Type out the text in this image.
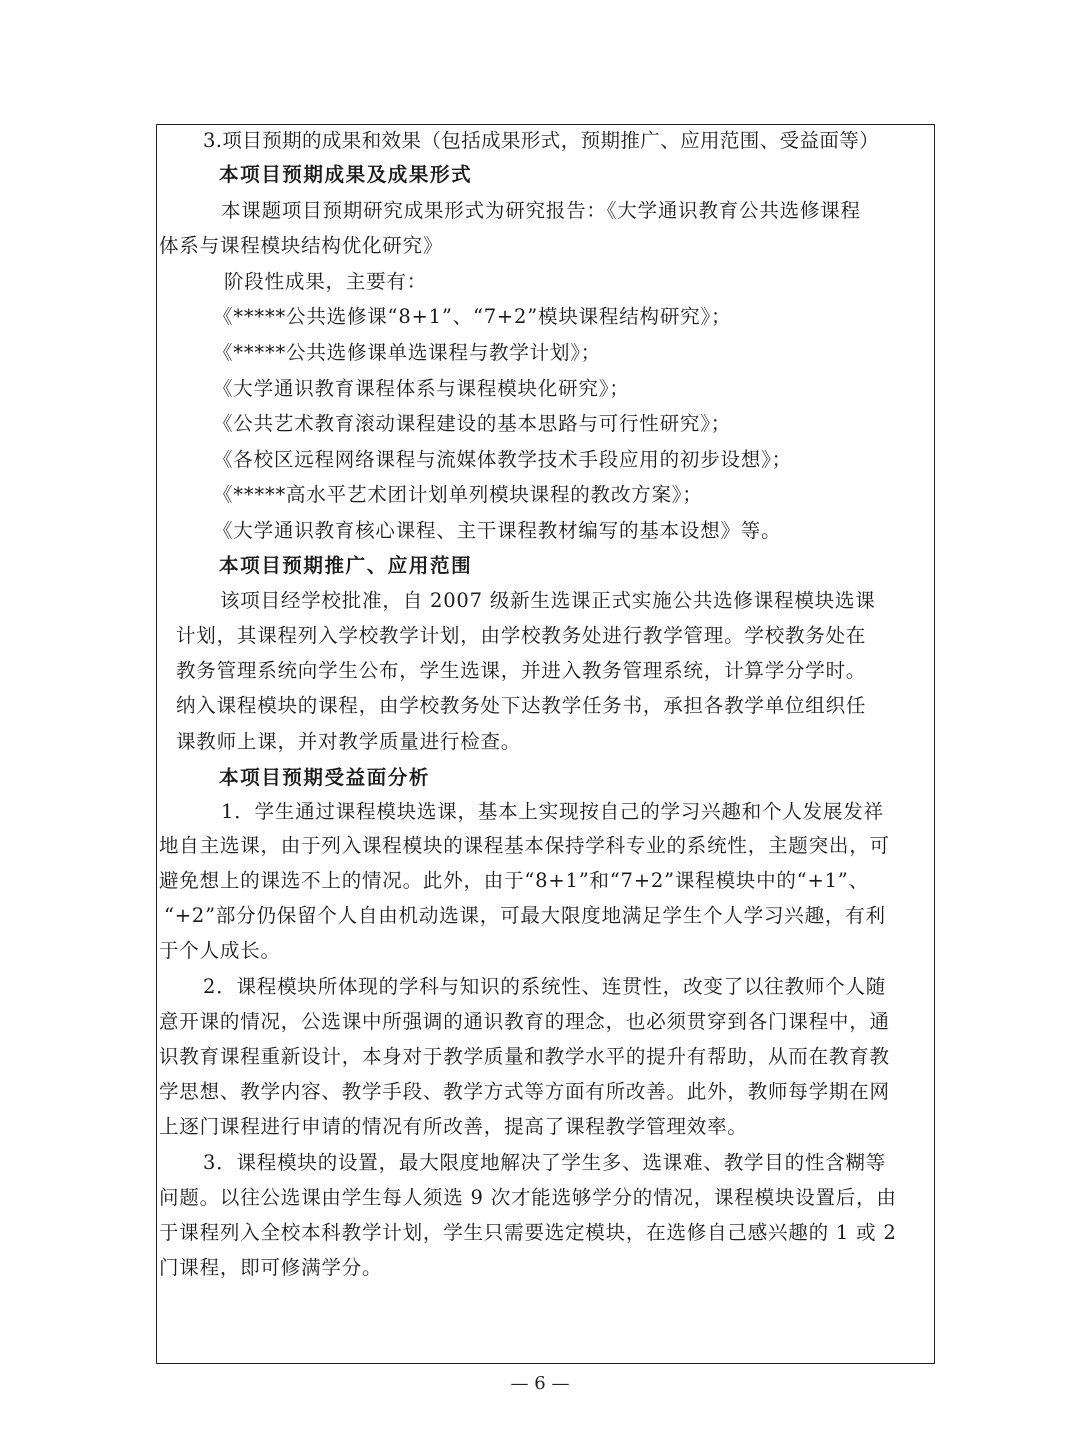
3.项目预期的成果和效果（包括成果形式，预期推广、应用范围、受益面等）
本项目预期成果及成果形式
本课题项目预期研究成果形式为研究报告：《大学通识教育公共选修课程
体系与课程模块结构优化研究》
阶段性成果，主要有：
《*****公共选修课“8+1”、“7+2”模块课程结构研究》；
《*****公共选修课单选课程与教学计划》；
《大学通识教育课程体系与课程模块化研究》；
《公共艺术教育滚动课程建设的基本思路与可行性研究》；
《各校区远程网络课程与流媒体教学技术手段应用的初步设想》；
《*****高水平艺术团计划单列模块课程的教改方案》；
《大学通识教育核心课程、主干课程教材编写的基本设想》等。
本项目预期推广、应用范围
该项目经学校批准，自 2007 级新生选课正式实施公共选修课程模块选课
计划，其课程列入学校教学计划，由学校教务处进行教学管理。学校教务处在
教务管理系统向学生公布，学生选课，并进入教务管理系统，计算学分学时。
纳入课程模块的课程，由学校教务处下达教学任务书，承担各教学单位组织任
课教师上课，并对教学质量进行检查。
本项目预期受益面分析
1．学生通过课程模块选课，基本上实现按自己的学习兴趣和个人发展发祥
地自主选课，由于列入课程模块的课程基本保持学科专业的系统性，主题突出，可
避免想上的课选不上的情况。此外，由于“8+1”和“7+2”课程模块中的“+1”、
“+2”部分仍保留个人自由机动选课，可最大限度地满足学生个人学习兴趣，有利
于个人成长。
2．课程模块所体现的学科与知识的系统性、连贯性，改变了以往教师个人随
意开课的情况，公选课中所强调的通识教育的理念，也必须贯穿到各门课程中，通
识教育课程重新设计，本身对于教学质量和教学水平的提升有帮助，从而在教育教
学思想、教学内容、教学手段、教学方式等方面有所改善。此外，教师每学期在网
上逐门课程进行申请的情况有所改善，提高了课程教学管理效率。
3．课程模块的设置，最大限度地解决了学生多、选课难、教学目的性含糊等
问题。以往公选课由学生每人须选 9 次才能选够学分的情况，课程模块设置后，由
于课程列入全校本科教学计划，学生只需要选定模块，在选修自己感兴趣的 1 或 2
门课程，即可修满学分。
— 6 —
